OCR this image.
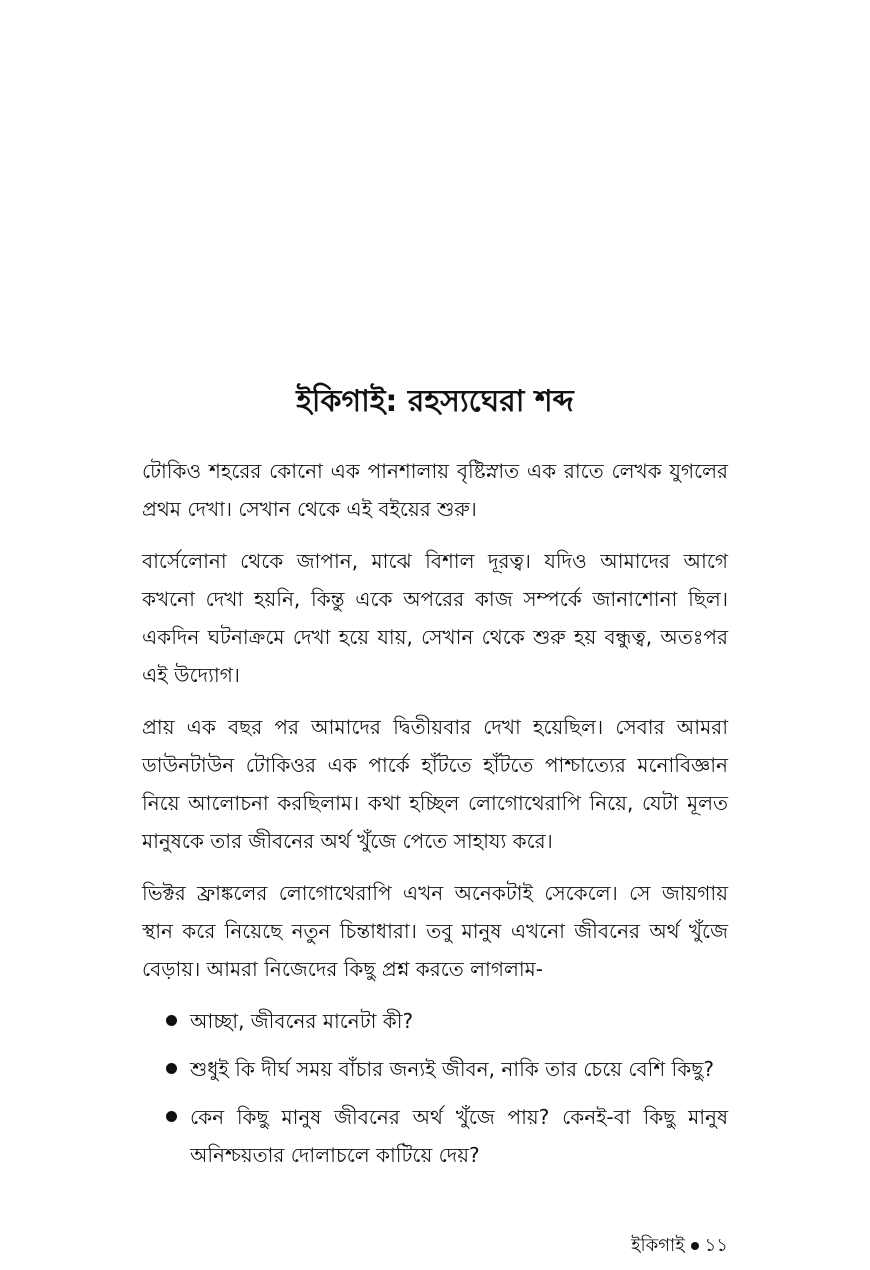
ইকিগাই: রহস্যঘেরা শব্দ

টোকিও শহরের কোনো এক পানশালায় বৃষ্টিস্নাত এক রাতে লেখক যুগলের প্রথম দেখা। সেখান থেকে এই বইয়ের শুরু।

বার্সেলোনা থেকে জাপান, মাঝে বিশাল দূরত্ব। যদিও আমাদের আগে কখনো দেখা হয়নি, কিন্তু একে অপরের কাজ সম্পর্কে জানাশোনা ছিল। একদিন ঘটনাক্রমে দেখা হয়ে যায়, সেখান থেকে শুরু হয় বন্ধুত্ব, অতঃপর এই উদ্যোগ।

প্রায় এক বছর পর আমাদের দ্বিতীয়বার দেখা হয়েছিল। সেবার আমরা ডাউনটাউন টোকিওর এক পার্কে হাঁটতে হাঁটতে পাশ্চাত্যের মনোবিজ্ঞান নিয়ে আলোচনা করছিলাম। কথা হচ্ছিল লোগোথেরাপি নিয়ে, যেটা মূলত মানুষকে তার জীবনের অর্থ খুঁজে পেতে সাহায্য করে।

ভিক্টর ফ্রাঙ্কলের লোগোথেরাপি এখন অনেকটাই সেকেলে। সে জায়গায় স্থান করে নিয়েছে নতুন চিন্তাধারা। তবু মানুষ এখনো জীবনের অর্থ খুঁজে বেড়ায়। আমরা নিজেদের কিছু প্রশ্ন করতে লাগলাম-

আচ্ছা, জীবনের মানেটা কী?
শুধুই কি দীর্ঘ সময় বাঁচার জন্যই জীবন, নাকি তার চেয়ে বেশি কিছু?
কেন কিছু মানুষ জীবনের অর্থ খুঁজে পায়? কেনই-বা কিছু মানুষ অনিশ্চয়তার দোলাচলে কাটিয়ে দেয়?
ইকিগাই ১১
